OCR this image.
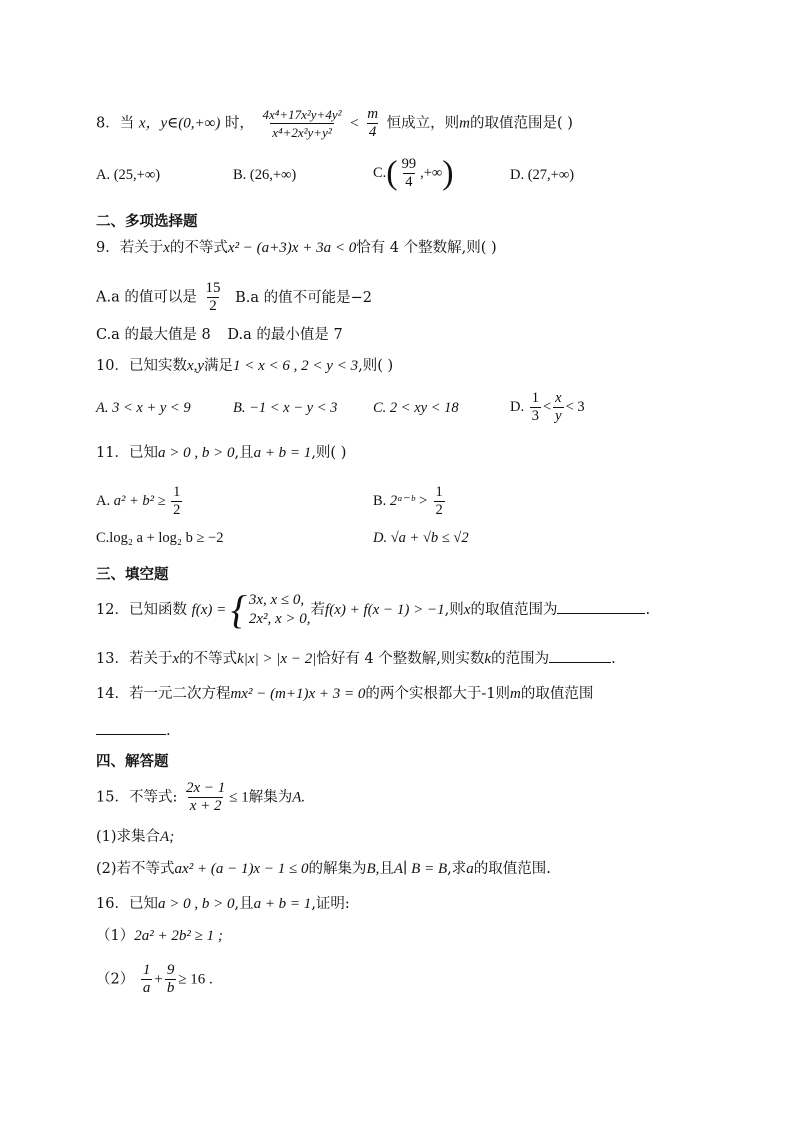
8．当 x，y∈(0,+∞) 时， $\frac{\text{4x⁴+17x²y+4y²}}{\text{x⁴+2x²y+y²}} < \frac{m}{4}$ 恒成立，则m的取值范围是( )
A. (25,+∞)	B. (26,+∞)	$C.( \frac{99}{4}$ ,+∞)	D. (27,+∞)
二、多项选择题
9．若关于x的不等式x² − (a+3)x + 3a < 0恰有 4 个整数解,则( )
A.a 的值可以是 $\frac{15}{2} B.a$ 的值不可能是−2
C.a 的最大值是 8 D.a 的最小值是 7
10．已知实数x,y满足1 < x < 6 , 2 < y < 3,则( )
A. 3 < x + y < 9	B. −1 < x − y < 3 C. 2 < xy < 18	D. $\frac{1}{3} < \frac{x}{y} < 3$
11．已知a > 0 , b > 0,且a + b = 1,则( )
A. $a^2 + b^2 \ge \frac{1}{2}$	B. 2ᵃ⁻ᵇ > $\frac{1}{2}$
C.log₂ a + log₂ b ≥ −2	D. √a + √b ≤ √2
三、填空题
12．已知函数 f(x) = { 3x, x ≤ 0,
2x², x > 0,
若f(x) + f(x − 1) > −1,则x的取值范围为	.
13．若关于x的不等式k|x| > |x − 2|恰好有 4 个整数解,则实数k的范围为	.
14．若一元二次方程mx² − (m+1)x + 3 = 0的两个实根都大于-1则m的取值范围
.
四、解答题
15．不等式: $\frac{2x - 1}{x + 2} \le 1$解集为A.
(1)求集合A;
(2)若不等式ax² + (a − 1)x − 1 ≤ 0的解集为B,且A∣ B = B,求a的取值范围.
16．已知a > 0 , b > 0,且a + b = 1,证明:
（1）2a² + 2b² ≥ 1 ;
$(2) \frac{1}{a} + \frac{9}{b} \ge 16$ .
